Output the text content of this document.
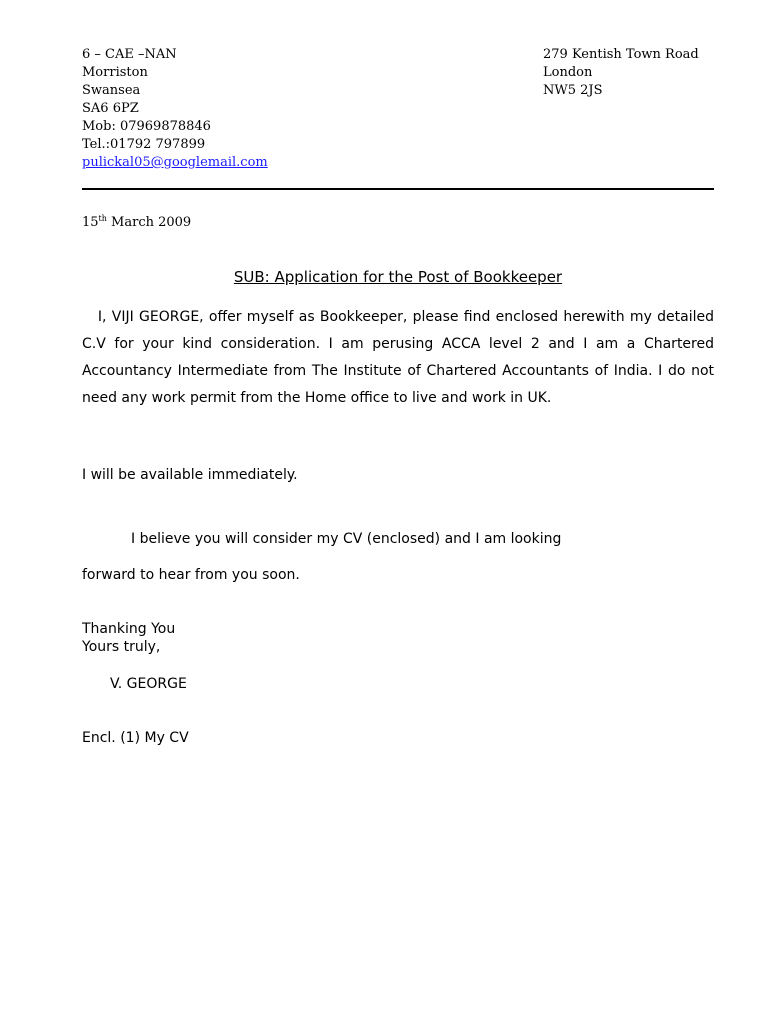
6 – CAE –NAN
Morriston
Swansea
SA6 6PZ
Mob: 07969878846
Tel.:01792 797899
pulickal05@googlemail.com
279 Kentish Town Road
London
NW5 2JS
15th March 2009
SUB: Application for the Post of Bookkeeper
I, VIJI GEORGE, offer myself as Bookkeeper, please find enclosed herewith my detailed C.V for your kind consideration. I am perusing ACCA level 2 and I am a Chartered Accountancy Intermediate from The Institute of Chartered Accountants of India. I do not need any work permit from the Home office to live and work in UK.
I will be available immediately.
I believe you will consider my CV (enclosed) and I am looking
forward to hear from you soon.
Thanking You
Yours truly,
V. GEORGE
Encl. (1) My CV
